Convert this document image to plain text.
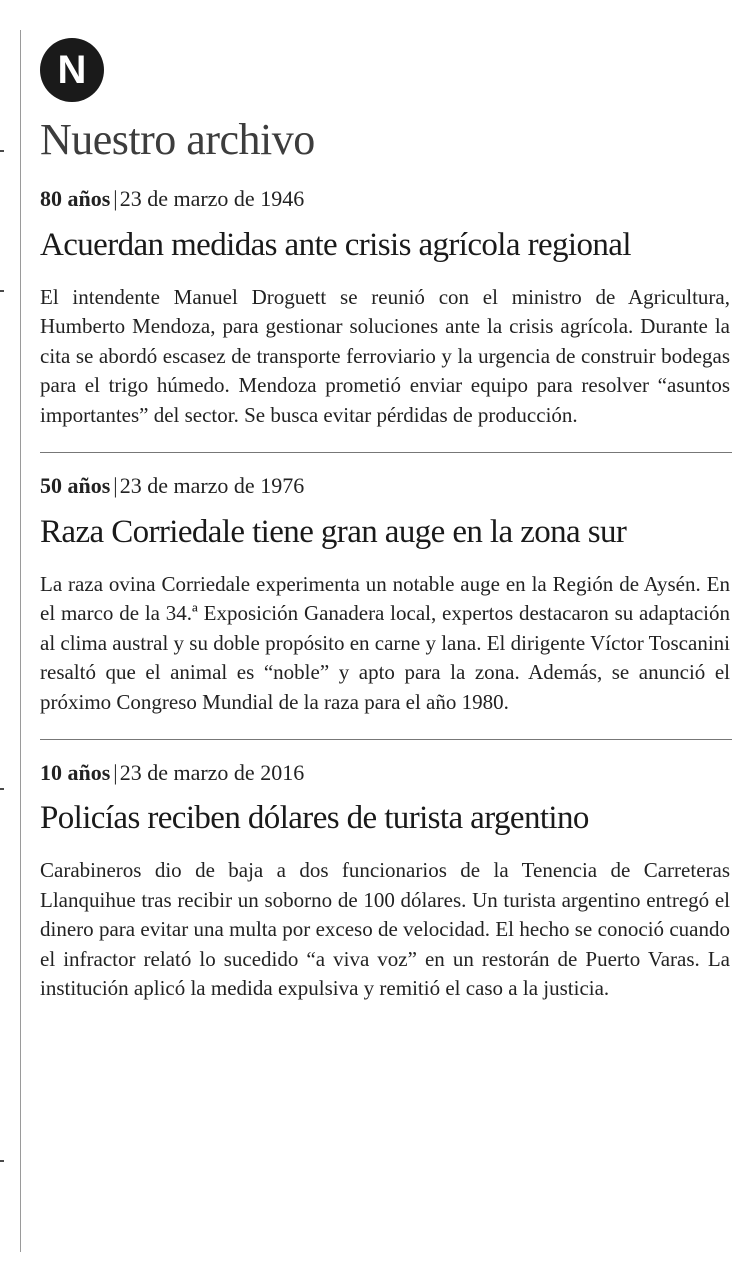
N
Nuestro archivo
80 años |23 de marzo de 1946
Acuerdan medidas ante crisis agrícola regional

El intendente Manuel Droguett se reunió con el ministro de Agricultura, Humberto Mendoza, para gestionar soluciones ante la crisis agrícola. Durante la cita se abordó escasez de transporte ferroviario y la urgencia de construir bodegas para el trigo húmedo. Mendoza prometió enviar equipo para resolver “asuntos importantes” del sector. Se busca evitar pérdidas de producción.

50 años |23 de marzo de 1976
Raza Corriedale tiene gran auge en la zona sur

La raza ovina Corriedale experimenta un notable auge en la Región de Aysén. En el marco de la 34.ª Exposición Ganadera local, expertos destacaron su adaptación al clima austral y su doble propósito en carne y lana. El dirigente Víctor Toscanini resaltó que el animal es “noble” y apto para la zona. Además, se anunció el próximo Congreso Mundial de la raza para el año 1980.

10 años |23 de marzo de 2016
Policías reciben dólares de turista argentino

Carabineros dio de baja a dos funcionarios de la Tenencia de Carreteras Llanquihue tras recibir un soborno de 100 dólares. Un turista argentino entregó el dinero para evitar una multa por exceso de velocidad. El hecho se conoció cuando el infractor relató lo sucedido “a viva voz” en un restorán de Puerto Varas. La institución aplicó la medida expulsiva y remitió el caso a la justicia.
